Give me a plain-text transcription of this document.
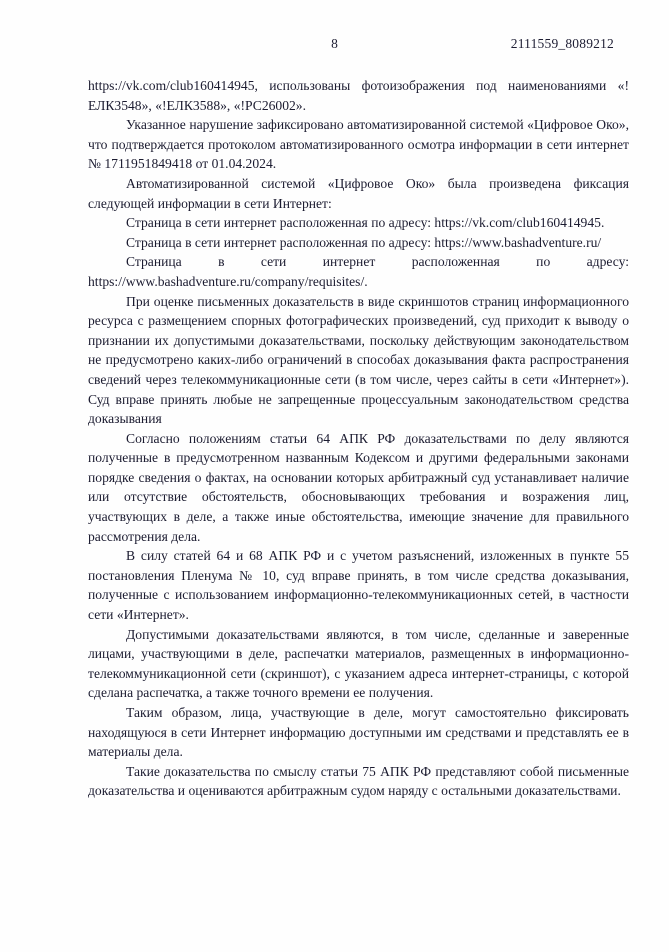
8	2111559_8089212

https://vk.com/club160414945, использованы фотоизображения под наименованиями «!ЕЛК3548», «!ЕЛК3588», «!РС26002».

Указанное нарушение зафиксировано автоматизированной системой «Цифровое Око», что подтверждается протоколом автоматизированного осмотра информации в сети интернет № 1711951849418 от 01.04.2024.

Автоматизированной системой «Цифровое Око» была произведена фиксация следующей информации в сети Интернет:

Страница в сети интернет расположенная по адресу: https://vk.com/club160414945.

Страница в сети интернет расположенная по адресу: https://www.bashadventure.ru/

Страница в сети интернет расположенная по адресу: https://www.bashadventure.ru/company/requisites/.

При оценке письменных доказательств в виде скриншотов страниц информационного ресурса с размещением спорных фотографических произведений, суд приходит к выводу о признании их допустимыми доказательствами, поскольку действующим законодательством не предусмотрено каких-либо ограничений в способах доказывания факта распространения сведений через телекоммуникационные сети (в том числе, через сайты в сети «Интернет»). Суд вправе принять любые не запрещенные процессуальным законодательством средства доказывания

Согласно положениям статьи 64 АПК РФ доказательствами по делу являются полученные в предусмотренном названным Кодексом и другими федеральными законами порядке сведения о фактах, на основании которых арбитражный суд устанавливает наличие или отсутствие обстоятельств, обосновывающих требования и возражения лиц, участвующих в деле, а также иные обстоятельства, имеющие значение для правильного рассмотрения дела.

В силу статей 64 и 68 АПК РФ и с учетом разъяснений, изложенных в пункте 55 постановления Пленума № 10, суд вправе принять, в том числе средства доказывания, полученные с использованием информационно-телекоммуникационных сетей, в частности сети «Интернет».

Допустимыми доказательствами являются, в том числе, сделанные и заверенные лицами, участвующими в деле, распечатки материалов, размещенных в информационно-телекоммуникационной сети (скриншот), с указанием адреса интернет-страницы, с которой сделана распечатка, а также точного времени ее получения.

Таким образом, лица, участвующие в деле, могут самостоятельно фиксировать находящуюся в сети Интернет информацию доступными им средствами и представлять ее в материалы дела.

Такие доказательства по смыслу статьи 75 АПК РФ представляют собой письменные доказательства и оцениваются арбитражным судом наряду с остальными доказательствами.
